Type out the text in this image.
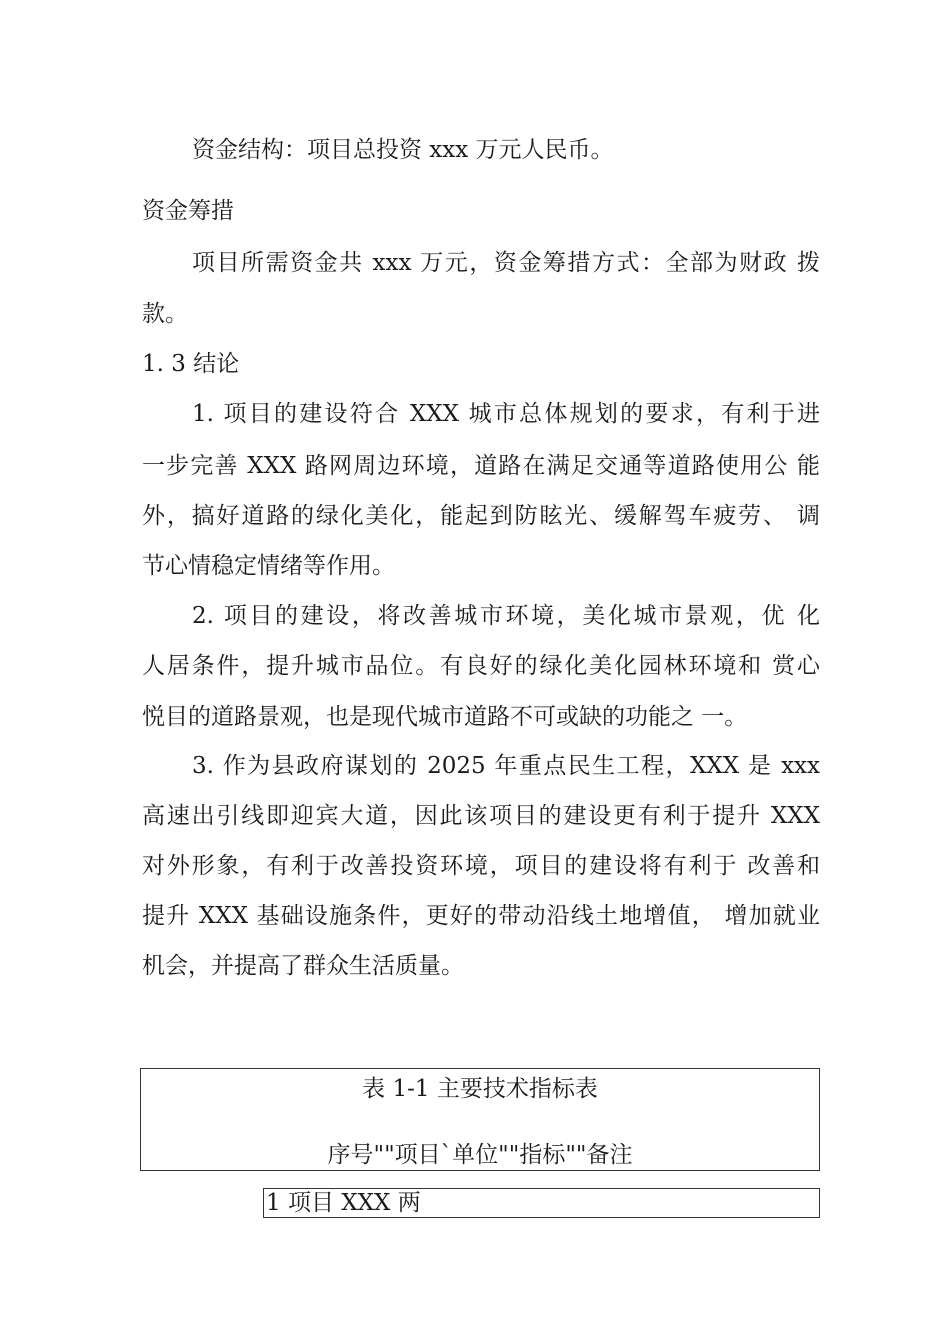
资金结构：项目总投资 xxx 万元人民币。
资金筹措
项目所需资金共 xxx 万元，资金筹措方式：全部为财政 拨
款。
1. 3 结论
1. 项目的建设符合 XXX 城市总体规划的要求，有利于进
一步完善 XXX 路网周边环境，道路在满足交通等道路使用公 能
外，搞好道路的绿化美化，能起到防眩光、缓解驾车疲劳、 调
节心情稳定情绪等作用。
2. 项目的建设，将改善城市环境，美化城市景观，优 化
人居条件，提升城市品位。有良好的绿化美化园林环境和 赏心
悦目的道路景观，也是现代城市道路不可或缺的功能之 一。
3. 作为县政府谋划的 2025 年重点民生工程，XXX 是 xxx
高速出引线即迎宾大道，因此该项目的建设更有利于提升 XXX
对外形象，有利于改善投资环境，项目的建设将有利于 改善和
提升 XXX 基础设施条件，更好的带动沿线土地增值， 增加就业
机会，并提高了群众生活质量。
表 1-1 主要技术指标表
序号""项目`单位""指标""备注
1 项目 XXX 两
